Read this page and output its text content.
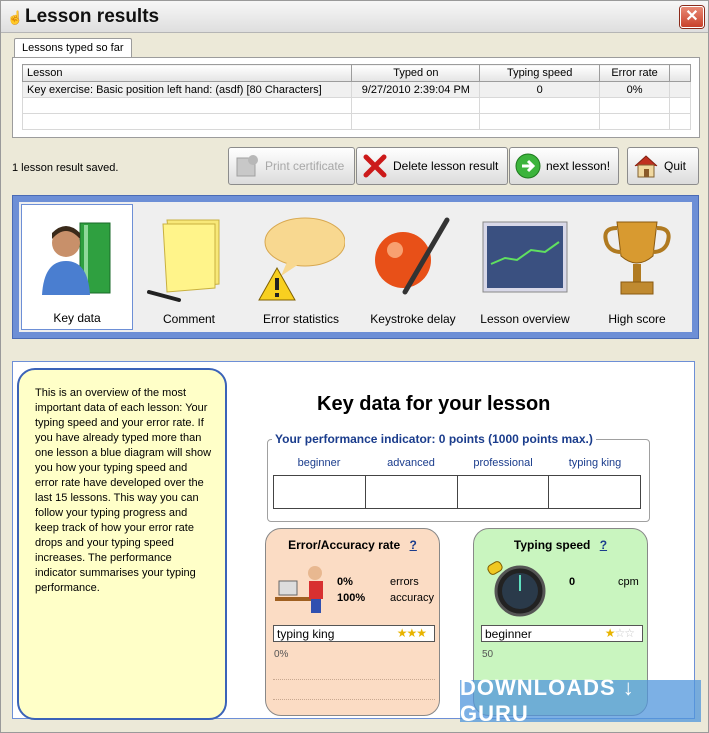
☝ Lesson results	✕
Lessons typed so far
Lesson	Typed on	Typing speed	Error rate	
Key exercise: Basic position left hand: (asdf) [80 Characters]	9/27/2010 2:39:04 PM	0	0%	

1 lesson result saved.	Print certificate	Delete lesson result	next lesson!	Quit
Key data	Comment	Error statistics	Keystroke delay	Lesson overview	High score
This is an overview of the most important data of each lesson: Your typing speed and your error rate. If you have already typed more than one lesson a blue diagram will show you how your typing speed and error rate have developed over the last 15 lessons. This way you can follow your typing progress and keep track of how your error rate drops and your typing speed increases. The performance indicator summarises your typing performance.
Key data for your lesson
Your performance indicator: 0 points (1000 points max.)
beginner	advanced	professional	typing king
Error/Accuracy rate ?
0%	errors
100% accuracy
typing king	★★★
0%
Typing speed ?
0	cpm
beginner	★☆☆
50
DOWNLOADS ↓ GURU
